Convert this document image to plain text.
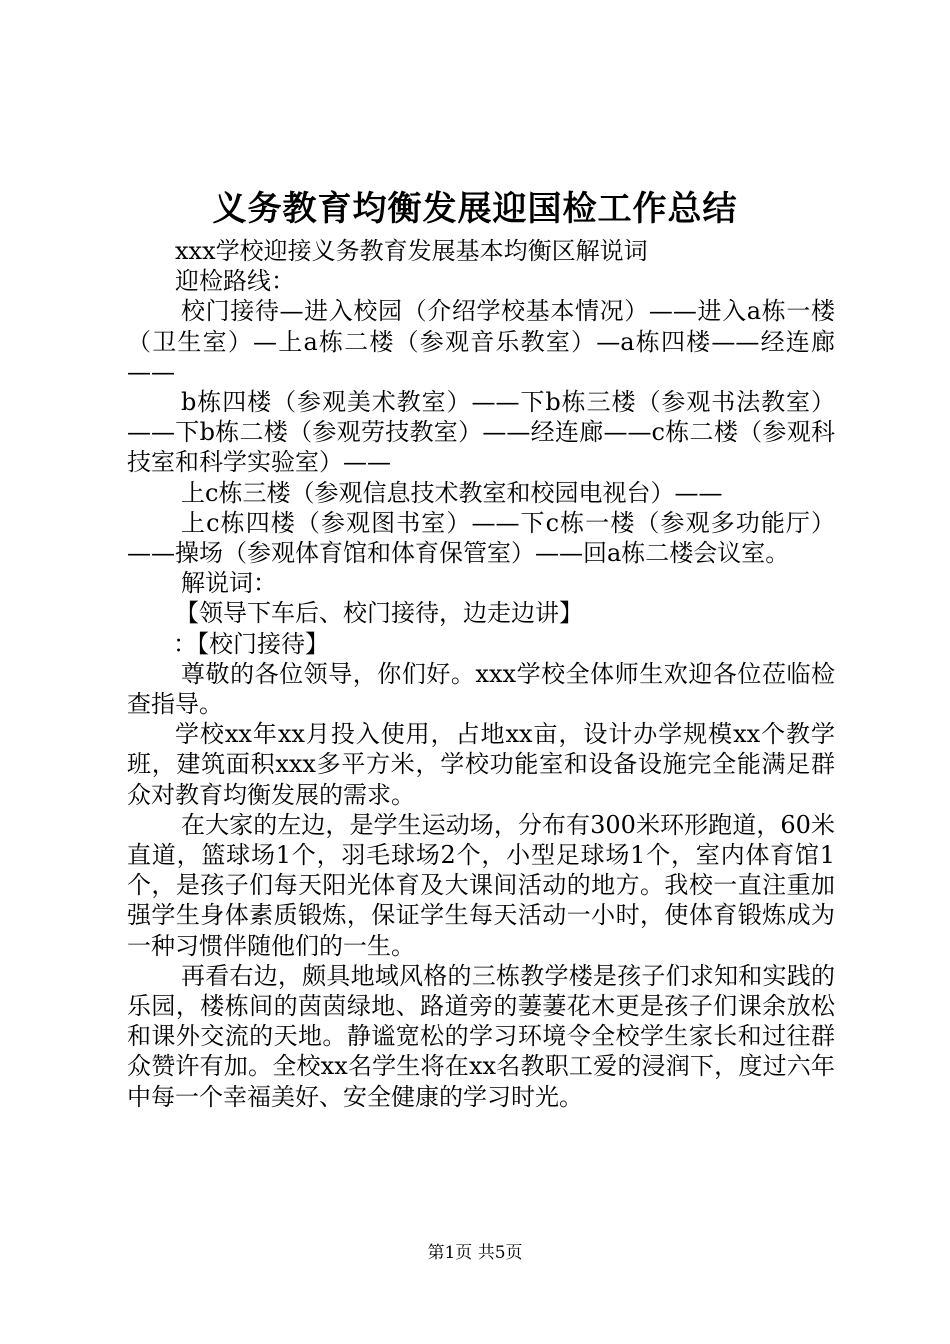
义务教育均衡发展迎国检工作总结

xxx学校迎接义务教育发展基本均衡区解说词

迎检路线：

校门接待—进入校园（介绍学校基本情况）——进入a栋一楼（卫生室）—上a栋二楼（参观音乐教室）—a栋四楼——经连廊——

b栋四楼（参观美术教室）——下b栋三楼（参观书法教室）——下b栋二楼（参观劳技教室）——经连廊——c栋二楼（参观科技室和科学实验室）——

上c栋三楼（参观信息技术教室和校园电视台）——

上c栋四楼（参观图书室）——下c栋一楼（参观多功能厅）——操场（参观体育馆和体育保管室）——回a栋二楼会议室。

解说词：

【领导下车后、校门接待，边走边讲】

：【校门接待】

尊敬的各位领导，你们好。xxx学校全体师生欢迎各位莅临检查指导。

学校xx年xx月投入使用，占地xx亩，设计办学规模xx个教学班，建筑面积xxx多平方米，学校功能室和设备设施完全能满足群众对教育均衡发展的需求。

在大家的左边，是学生运动场，分布有300米环形跑道，60米直道，篮球场1个，羽毛球场2个，小型足球场1个，室内体育馆1个，是孩子们每天阳光体育及大课间活动的地方。我校一直注重加强学生身体素质锻炼，保证学生每天活动一小时，使体育锻炼成为一种习惯伴随他们的一生。

再看右边，颇具地域风格的三栋教学楼是孩子们求知和实践的乐园，楼栋间的茵茵绿地、路道旁的萋萋花木更是孩子们课余放松和课外交流的天地。静谧宽松的学习环境令全校学生家长和过往群众赞许有加。全校xx名学生将在xx名教职工爱的浸润下，度过六年中每一个幸福美好、安全健康的学习时光。

第1页 共5页
